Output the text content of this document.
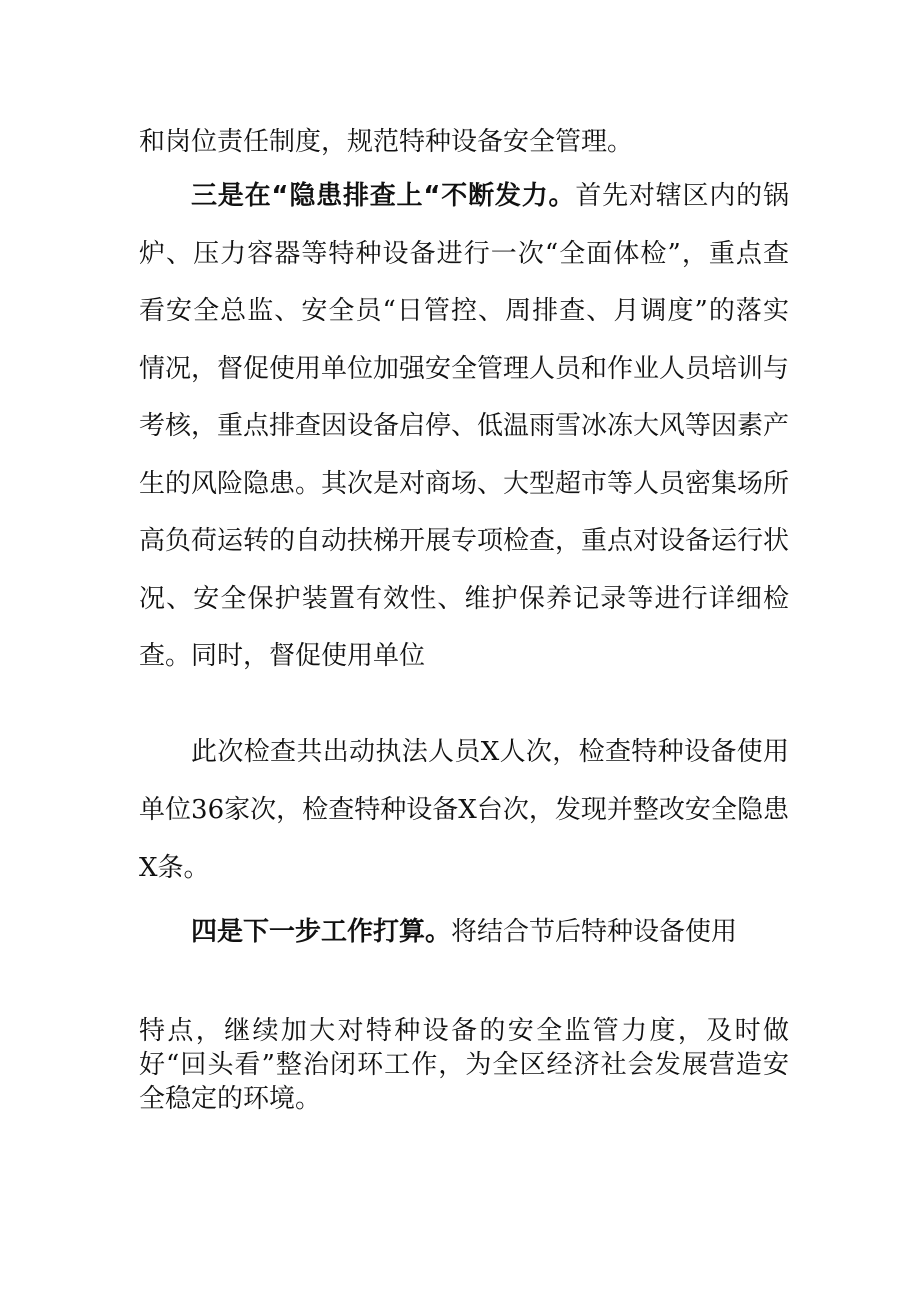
和岗位责任制度，规范特种设备安全管理。

三是在“隐患排查上“不断发力。首先对辖区内的锅炉、压力容器等特种设备进行一次“全面体检”，重点查看安全总监、安全员“日管控、周排查、月调度”的落实情况，督促使用单位加强安全管理人员和作业人员培训与考核，重点排查因设备启停、低温雨雪冰冻大风等因素产生的风险隐患。其次是对商场、大型超市等人员密集场所高负荷运转的自动扶梯开展专项检查，重点对设备运行状况、安全保护装置有效性、维护保养记录等进行详细检查。同时，督促使用单位

此次检查共出动执法人员X人次，检查特种设备使用单位36家次，检查特种设备X台次，发现并整改安全隐患X条。

四是下一步工作打算。将结合节后特种设备使用

特点，继续加大对特种设备的安全监管力度，及时做好“回头看”整治闭环工作，为全区经济社会发展营造安全稳定的环境。
